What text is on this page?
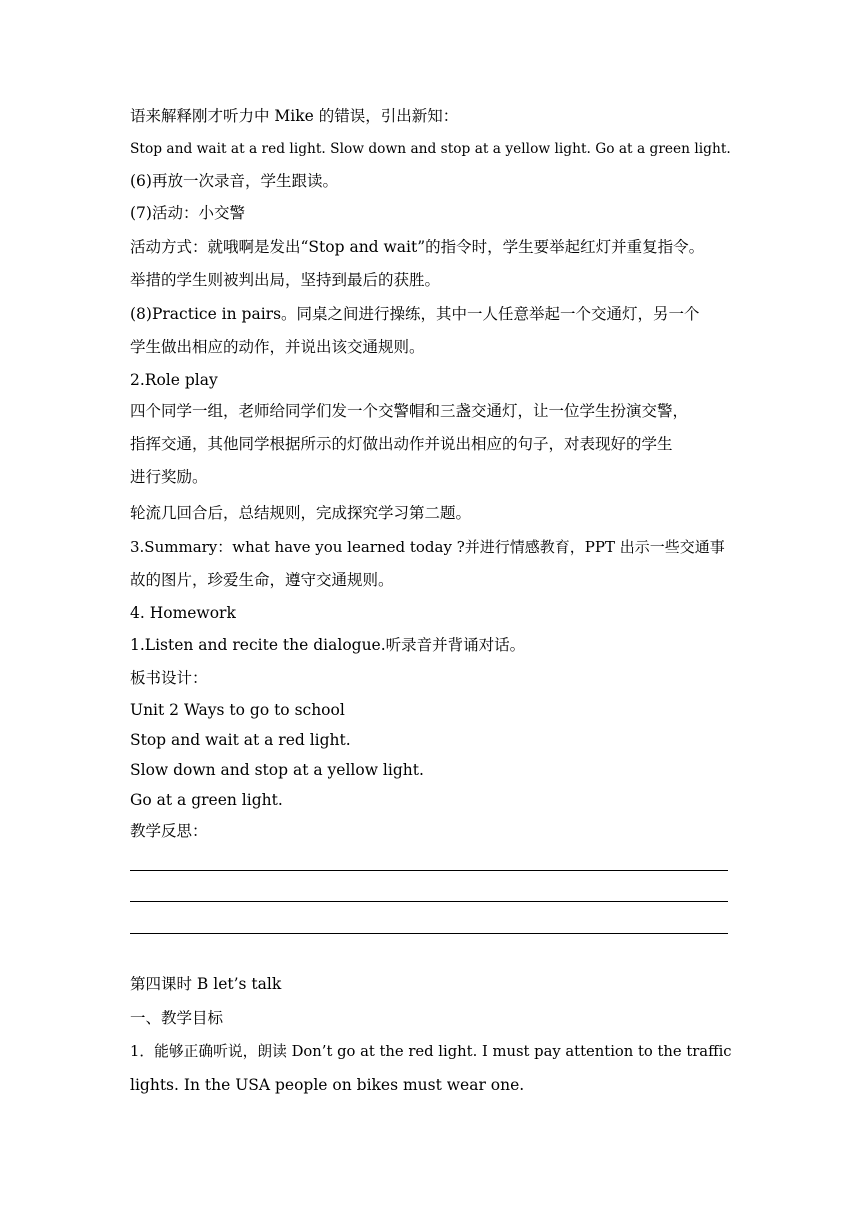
语来解释刚才听力中 Mike 的错误，引出新知：
Stop and wait at a red light. Slow down and stop at a yellow light. Go at a green light.
(6)再放一次录音，学生跟读。
(7)活动：小交警
活动方式：就哦啊是发出“Stop and wait”的指令时，学生要举起红灯并重复指令。
举措的学生则被判出局，坚持到最后的获胜。
(8)Practice in pairs。同桌之间进行操练，其中一人任意举起一个交通灯，另一个
学生做出相应的动作，并说出该交通规则。
2.Role play
四个同学一组，老师给同学们发一个交警帽和三盏交通灯，让一位学生扮演交警，
指挥交通，其他同学根据所示的灯做出动作并说出相应的句子，对表现好的学生
进行奖励。
轮流几回合后，总结规则，完成探究学习第二题。
3.Summary：what have you learned today ?并进行情感教育，PPT 出示一些交通事
故的图片，珍爱生命，遵守交通规则。
4. Homework
1.Listen and recite the dialogue.听录音并背诵对话。
板书设计：
Unit 2 Ways to go to school
Stop and wait at a red light.
Slow down and stop at a yellow light.
Go at a green light.
教学反思：
第四课时 B let’s talk
一、教学目标
1．能够正确听说，朗读 Don’t go at the red light. I must pay attention to the traffic
lights. In the USA people on bikes must wear one.
